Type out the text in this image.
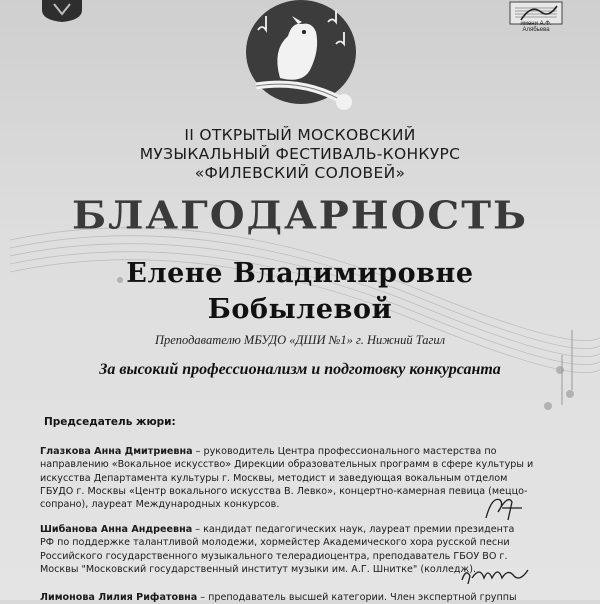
имени А.Ф. Алябьева
II ОТКРЫТЫЙ МОСКОВСКИЙ
МУЗЫКАЛЬНЫЙ ФЕСТИВАЛЬ-КОНКУРС
«ФИЛЕВСКИЙ СОЛОВЕЙ»
БЛАГОДАРНОСТЬ
Елене Владимировне
Бобылевой
Преподавателю МБУДО «ДШИ №1» г. Нижний Тагил
За высокий профессионализм и подготовку конкурсанта
Председатель жюри:
Глазкова Анна Дмитриевна – руководитель Центра профессионального мастерства по
направлению «Вокальное искусство» Дирекции образовательных программ в сфере культуры и
искусства Департамента культуры г. Москвы, методист и заведующая вокальным отделом
ГБУДО г. Москвы «Центр вокального искусства В. Левко», концертно-камерная певица (меццо-
сопрано), лауреат Международных конкурсов.
Шибанова Анна Андреевна – кандидат педагогических наук, лауреат премии президента
РФ по поддержке талантливой молодежи, хормейстер Академического хора русской песни
Российского государственного музыкального телерадиоцентра, преподаватель ГБОУ ВО г.
Москвы "Московский государственный институт музыки им. А.Г. Шнитке" (колледж).
Лимонова Лилия Рифатовна – преподаватель высшей категории. Член экспертной группы
